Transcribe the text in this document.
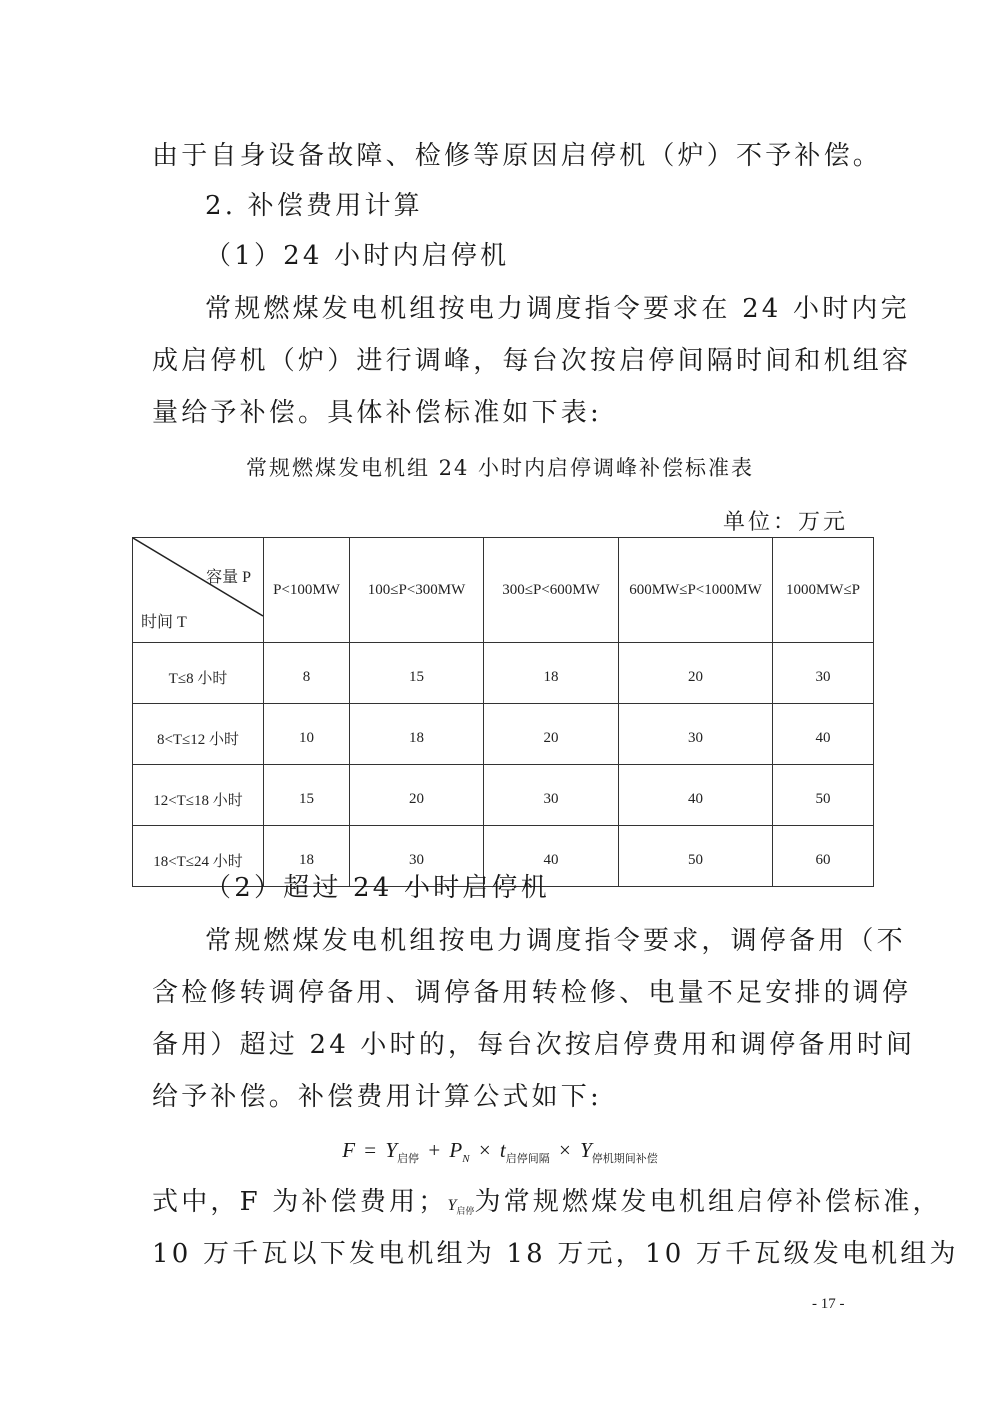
由于自身设备故障、检修等原因启停机（炉）不予补偿。
2. 补偿费用计算
（1）24 小时内启停机
常规燃煤发电机组按电力调度指令要求在 24 小时内完
成启停机（炉）进行调峰，每台次按启停间隔时间和机组容
量给予补偿。具体补偿标准如下表:
常规燃煤发电机组 24 小时内启停调峰补偿标准表
单位：万元
容量 P
时间 T	P<100MW	100≤P<300MW	300≤P<600MW	600MW≤P<1000MW	1000MW≤P
T≤8 小时	8	15	18	20	30
8<T≤12 小时	10	18	20	30	40
12<T≤18 小时	15	20	30	40	50
18<T≤24 小时	18	30	40	50	60
（2）超过 24 小时启停机
常规燃煤发电机组按电力调度指令要求，调停备用（不
含检修转调停备用、调停备用转检修、电量不足安排的调停
备用）超过 24 小时的，每台次按启停费用和调停备用时间
给予补偿。补偿费用计算公式如下:
$F = Y_{启停} + P_N \times t_{启停间隔} \times Y_{停机期间补偿}$
式中，F 为补偿费用；$Y_{启停}$为常规燃煤发电机组启停补偿标准，
10 万千瓦以下发电机组为 18 万元，10 万千瓦级发电机组为
- 17 -
